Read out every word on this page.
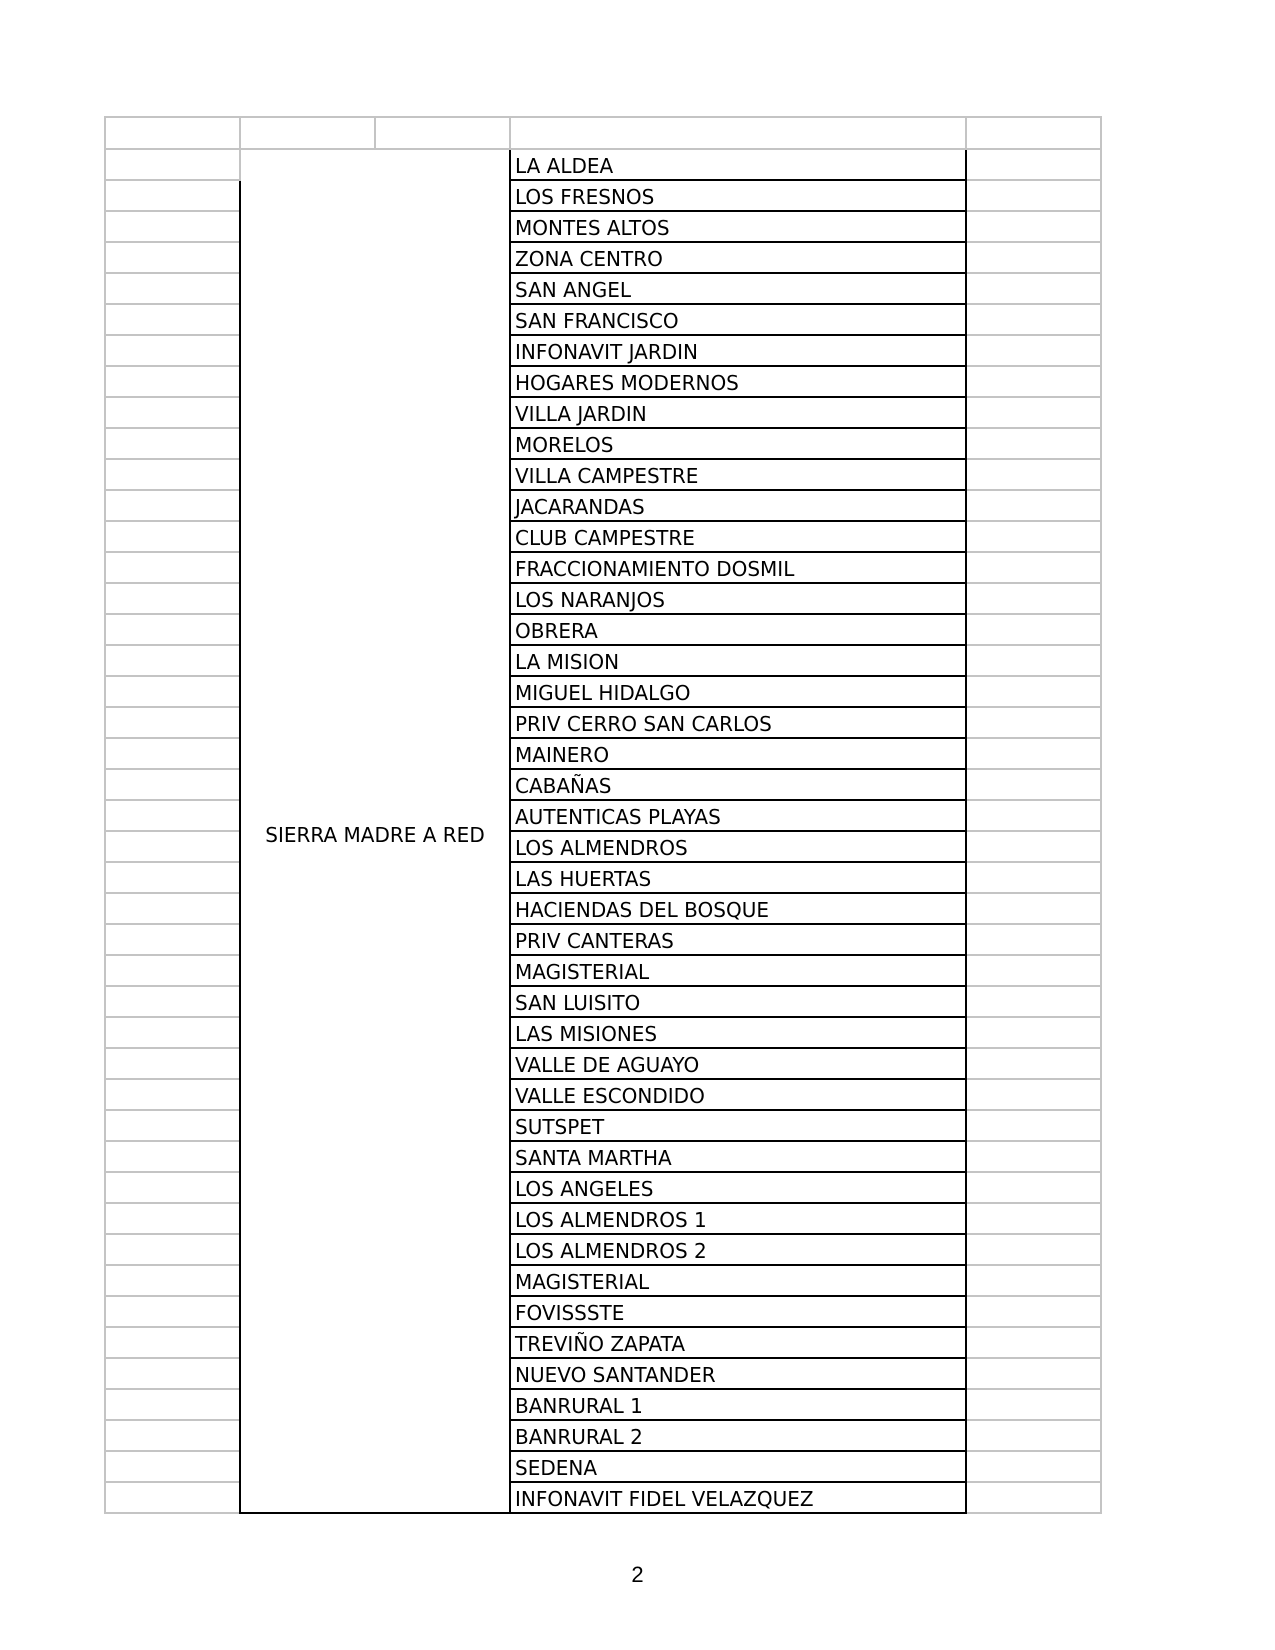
	SIERRA MADRE A RED		LA ALDEA	
			LOS FRESNOS	
			MONTES ALTOS	
			ZONA CENTRO	
			SAN ANGEL	
			SAN FRANCISCO	
			INFONAVIT JARDIN	
			HOGARES MODERNOS	
			VILLA JARDIN	
			MORELOS	
			VILLA CAMPESTRE	
			JACARANDAS	
			CLUB CAMPESTRE	
			FRACCIONAMIENTO DOSMIL	
			LOS NARANJOS	
			OBRERA	
			LA MISION	
			MIGUEL HIDALGO	
			PRIV CERRO SAN CARLOS	
			MAINERO	
			CABAÑAS	
			AUTENTICAS PLAYAS	
			LOS ALMENDROS	
			LAS HUERTAS	
			HACIENDAS DEL BOSQUE	
			PRIV CANTERAS	
			MAGISTERIAL	
			SAN LUISITO	
			LAS MISIONES	
			VALLE DE AGUAYO	
			VALLE ESCONDIDO	
			SUTSPET	
			SANTA MARTHA	
			LOS ANGELES	
			LOS ALMENDROS 1	
			LOS ALMENDROS 2	
			MAGISTERIAL	
			FOVISSSTE	
			TREVIÑO ZAPATA	
			NUEVO SANTANDER	
			BANRURAL 1	
			BANRURAL 2	
			SEDENA	
			INFONAVIT FIDEL VELAZQUEZ	
2
